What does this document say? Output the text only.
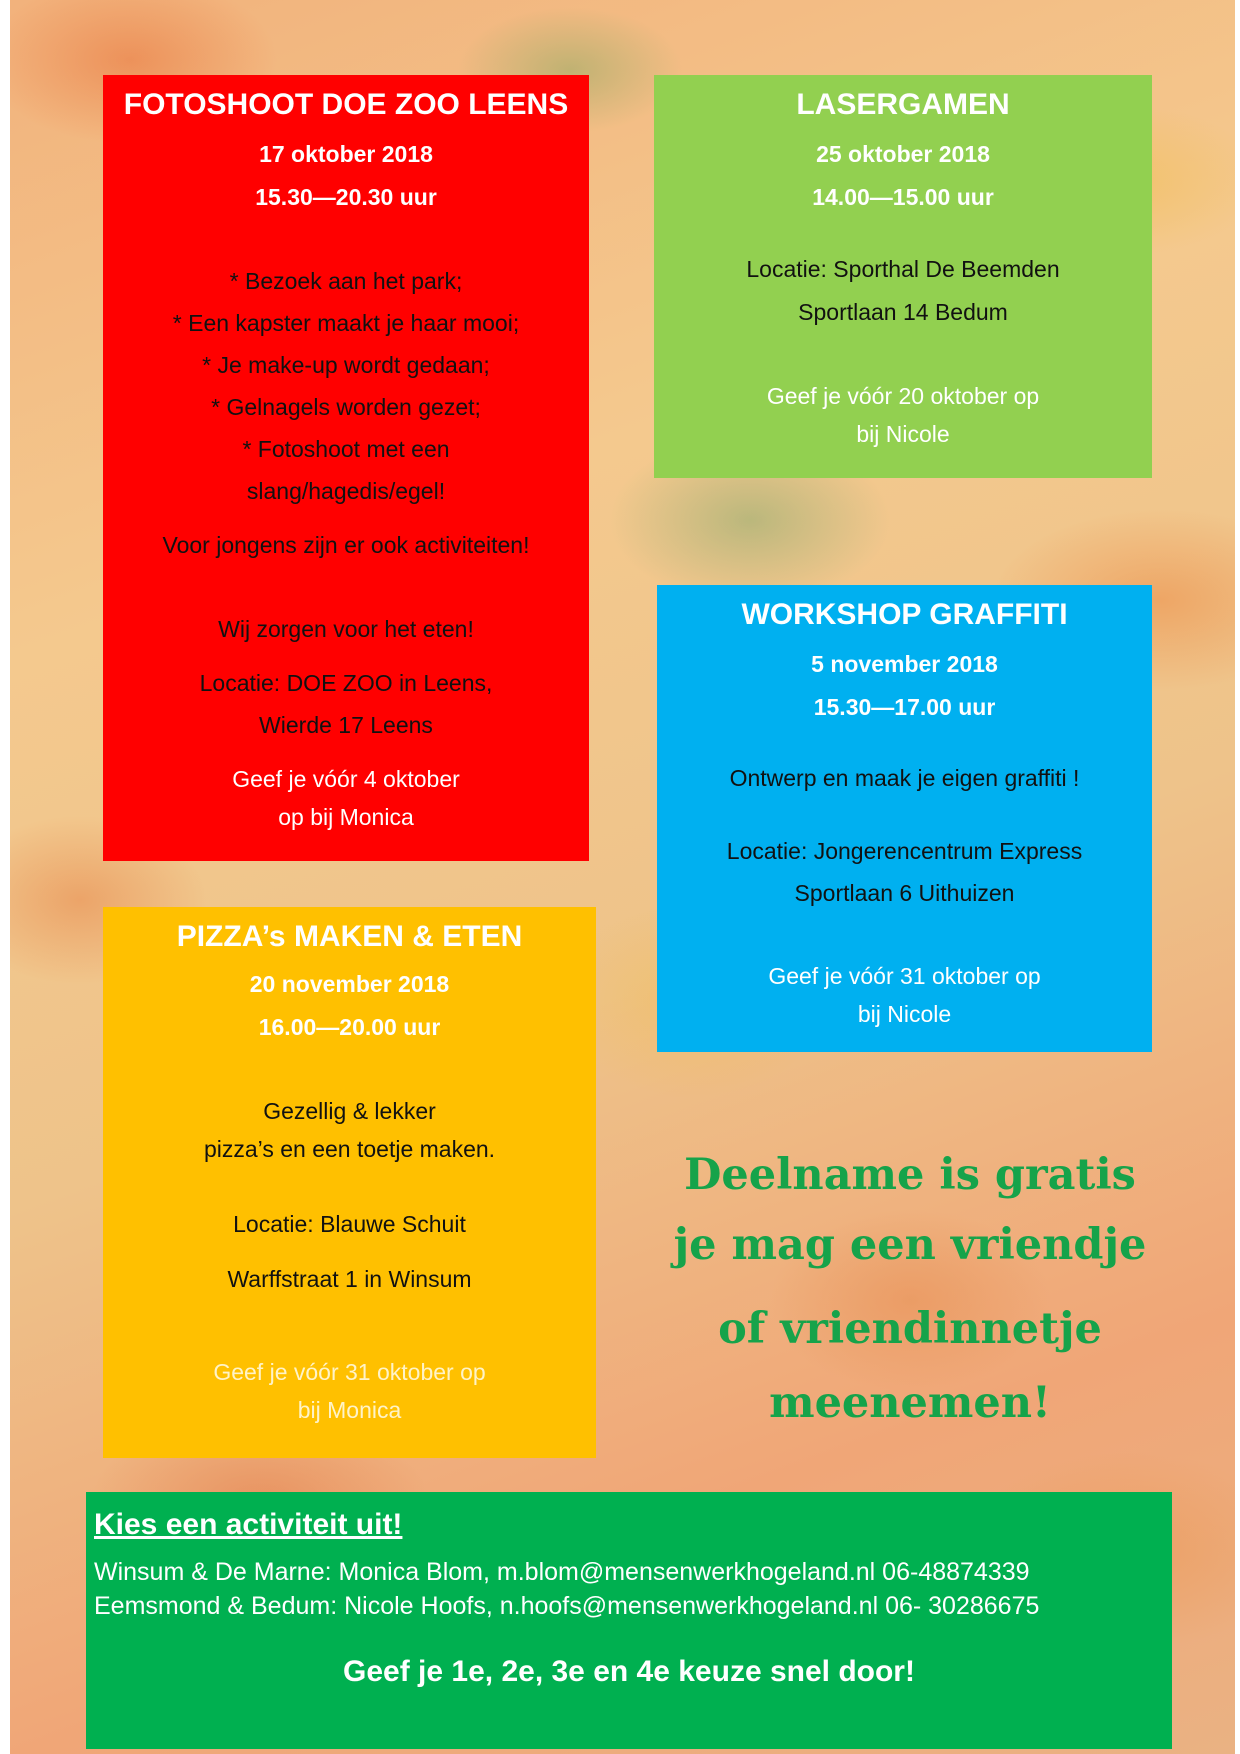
FOTOSHOOT DOE ZOO LEENS
17 oktober 2018
15.30—20.30 uur
* Bezoek aan het park;
* Een kapster maakt je haar mooi;
* Je make-up wordt gedaan;
* Gelnagels worden gezet;
* Fotoshoot met een
slang/hagedis/egel!
Voor jongens zijn er ook activiteiten!
Wij zorgen voor het eten!
Locatie: DOE ZOO in Leens,
Wierde 17 Leens
Geef je vóór 4 oktober
op bij Monica
LASERGAMEN
25 oktober 2018
14.00—15.00 uur
Locatie: Sporthal De Beemden
Sportlaan 14 Bedum
Geef je vóór 20 oktober op
bij Nicole
WORKSHOP GRAFFITI
5 november 2018
15.30—17.00 uur
Ontwerp en maak je eigen graffiti !
Locatie: Jongerencentrum Express
Sportlaan 6 Uithuizen
Geef je vóór 31 oktober op
bij Nicole
PIZZA’s MAKEN & ETEN
20 november 2018
16.00—20.00 uur
Gezellig & lekker
pizza’s en een toetje maken.
Locatie: Blauwe Schuit
Warffstraat 1 in Winsum
Geef je vóór 31 oktober op
bij Monica
Deelname is gratis
je mag een vriendje
of vriendinnetje
meenemen!
Kies een activiteit uit!
Winsum & De Marne: Monica Blom, m.blom@mensenwerkhogeland.nl 06-48874339
Eemsmond & Bedum: Nicole Hoofs, n.hoofs@mensenwerkhogeland.nl 06- 30286675
Geef je 1e, 2e, 3e en 4e keuze snel door!
